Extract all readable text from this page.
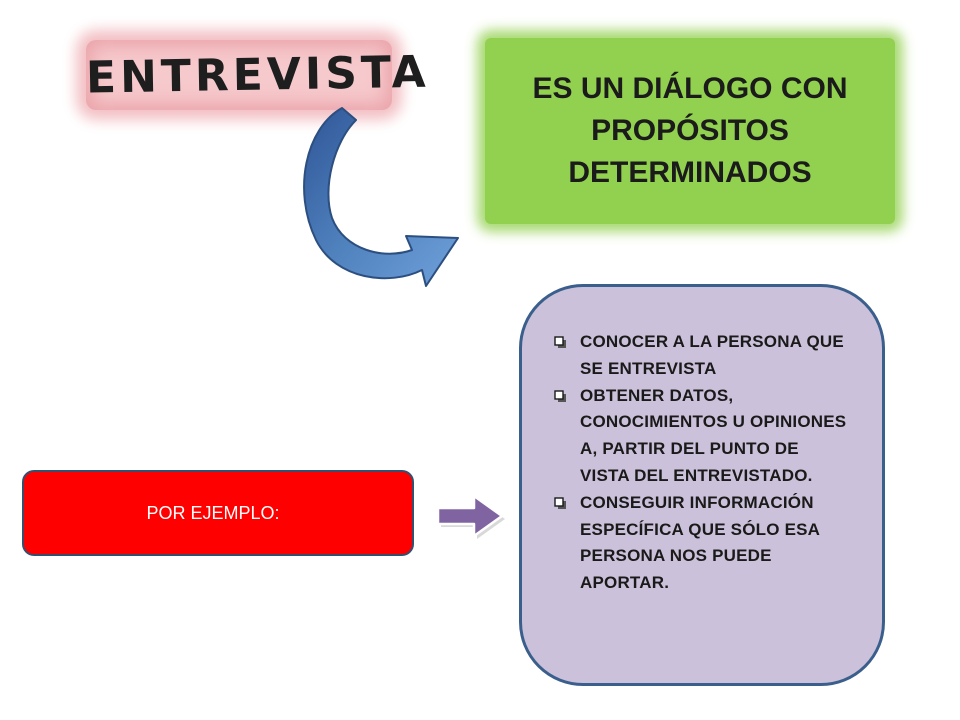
ENTREVISTA	ES UN DIÁLOGO CON PROPÓSITOS DETERMINADOS
POR EJEMPLO:
CONOCER A LA PERSONA QUE SE ENTREVISTA
OBTENER DATOS, CONOCIMIENTOS U OPINIONES A, PARTIR DEL PUNTO DE VISTA DEL ENTREVISTADO.
CONSEGUIR INFORMACIÓN ESPECÍFICA QUE SÓLO ESA PERSONA NOS PUEDE APORTAR.
